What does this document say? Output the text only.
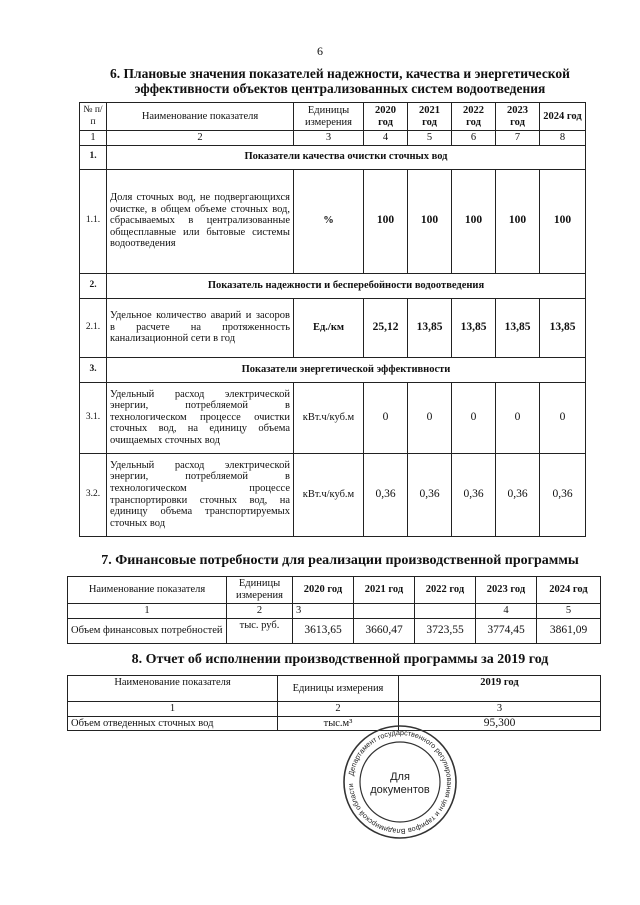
6
6. Плановые значения показателей надежности, качества и энергетической
эффективности объектов централизованных систем водоотведения
№ п/п	Наименование показателя	Единицы измерения	2020 год	2021 год	2022 год	2023 год	2024 год
1	2	3	4	5	6	7	8
1.	Показатели качества очистки сточных вод						
1.1.	Доля сточных вод, не подвергающихся очистке, в общем объеме сточных вод, сбрасываемых в централизованные общесплавные или бытовые системы водоотведения	%	100	100	100	100	100
2.	Показатель надежности и бесперебойности водоотведения						
2.1.	Удельное количество аварий и засоров в расчете на протяженность канализационной сети в год	Ед./км	25,12	13,85	13,85	13,85	13,85
3.	Показатели энергетической эффективности						
3.1.	Удельный расход электрической энергии, потребляемой в технологическом процессе очистки сточных вод, на единицу объема очищаемых сточных вод	кВт.ч/куб.м	0	0	0	0	0
3.2.	Удельный расход электрической энергии, потребляемой в технологическом процессе транспортировки сточных вод, на единицу объема транспортируемых сточных вод	кВт.ч/куб.м	0,36	0,36	0,36	0,36	0,36
7. Финансовые потребности для реализации производственной программы
Наименование показателя	Единицы измерения	2020 год	2021 год	2022 год	2023 год	2024 год
1	2	3			4	5
Объем финансовых потребностей	тыс. руб.	3613,65	3660,47	3723,55	3774,45	3861,09
8. Отчет об исполнении производственной программы за 2019 год
Наименование показателя	Единицы измерения	2019 год
1	2	3
Объем отведенных сточных вод	тыс.м³	95,300
Департамент государственного регулирования цен и тарифов Владимирской области
Для
документов
